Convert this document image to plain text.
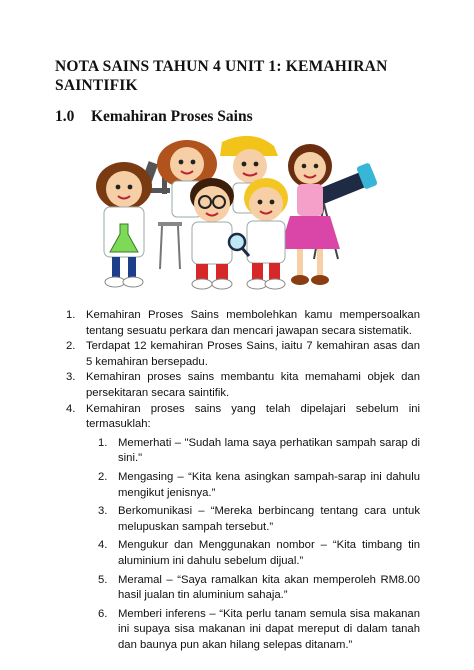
NOTA SAINS TAHUN 4 UNIT 1: KEMAHIRAN SAINTIFIK
1.0 Kemahiran Proses Sains
1. Kemahiran Proses Sains membolehkan kamu mempersoalkan tentang sesuatu perkara dan mencari jawapan secara sistematik.
2. Terdapat 12 kemahiran Proses Sains, iaitu 7 kemahiran asas dan 5 kemahiran bersepadu.
3. Kemahiran proses sains membantu kita memahami objek dan persekitaran secara saintifik.
4. Kemahiran proses sains yang telah dipelajari sebelum ini termasuklah:
1. Memerhati – "Sudah lama saya perhatikan sampah sarap di sini."
2. Mengasing – “Kita kena asingkan sampah-sarap ini dahulu mengikut jenisnya.”
3. Berkomunikasi – “Mereka berbincang tentang cara untuk melupuskan sampah tersebut.”
4. Mengukur dan Menggunakan nombor – “Kita timbang tin aluminium ini dahulu sebelum dijual.”
5. Meramal – “Saya ramalkan kita akan memperoleh RM8.00 hasil jualan tin aluminium sahaja.”
6. Memberi inferens – “Kita perlu tanam semula sisa makanan ini supaya sisa makanan ini dapat mereput di dalam tanah dan baunya pun akan hilang selepas ditanam.”
